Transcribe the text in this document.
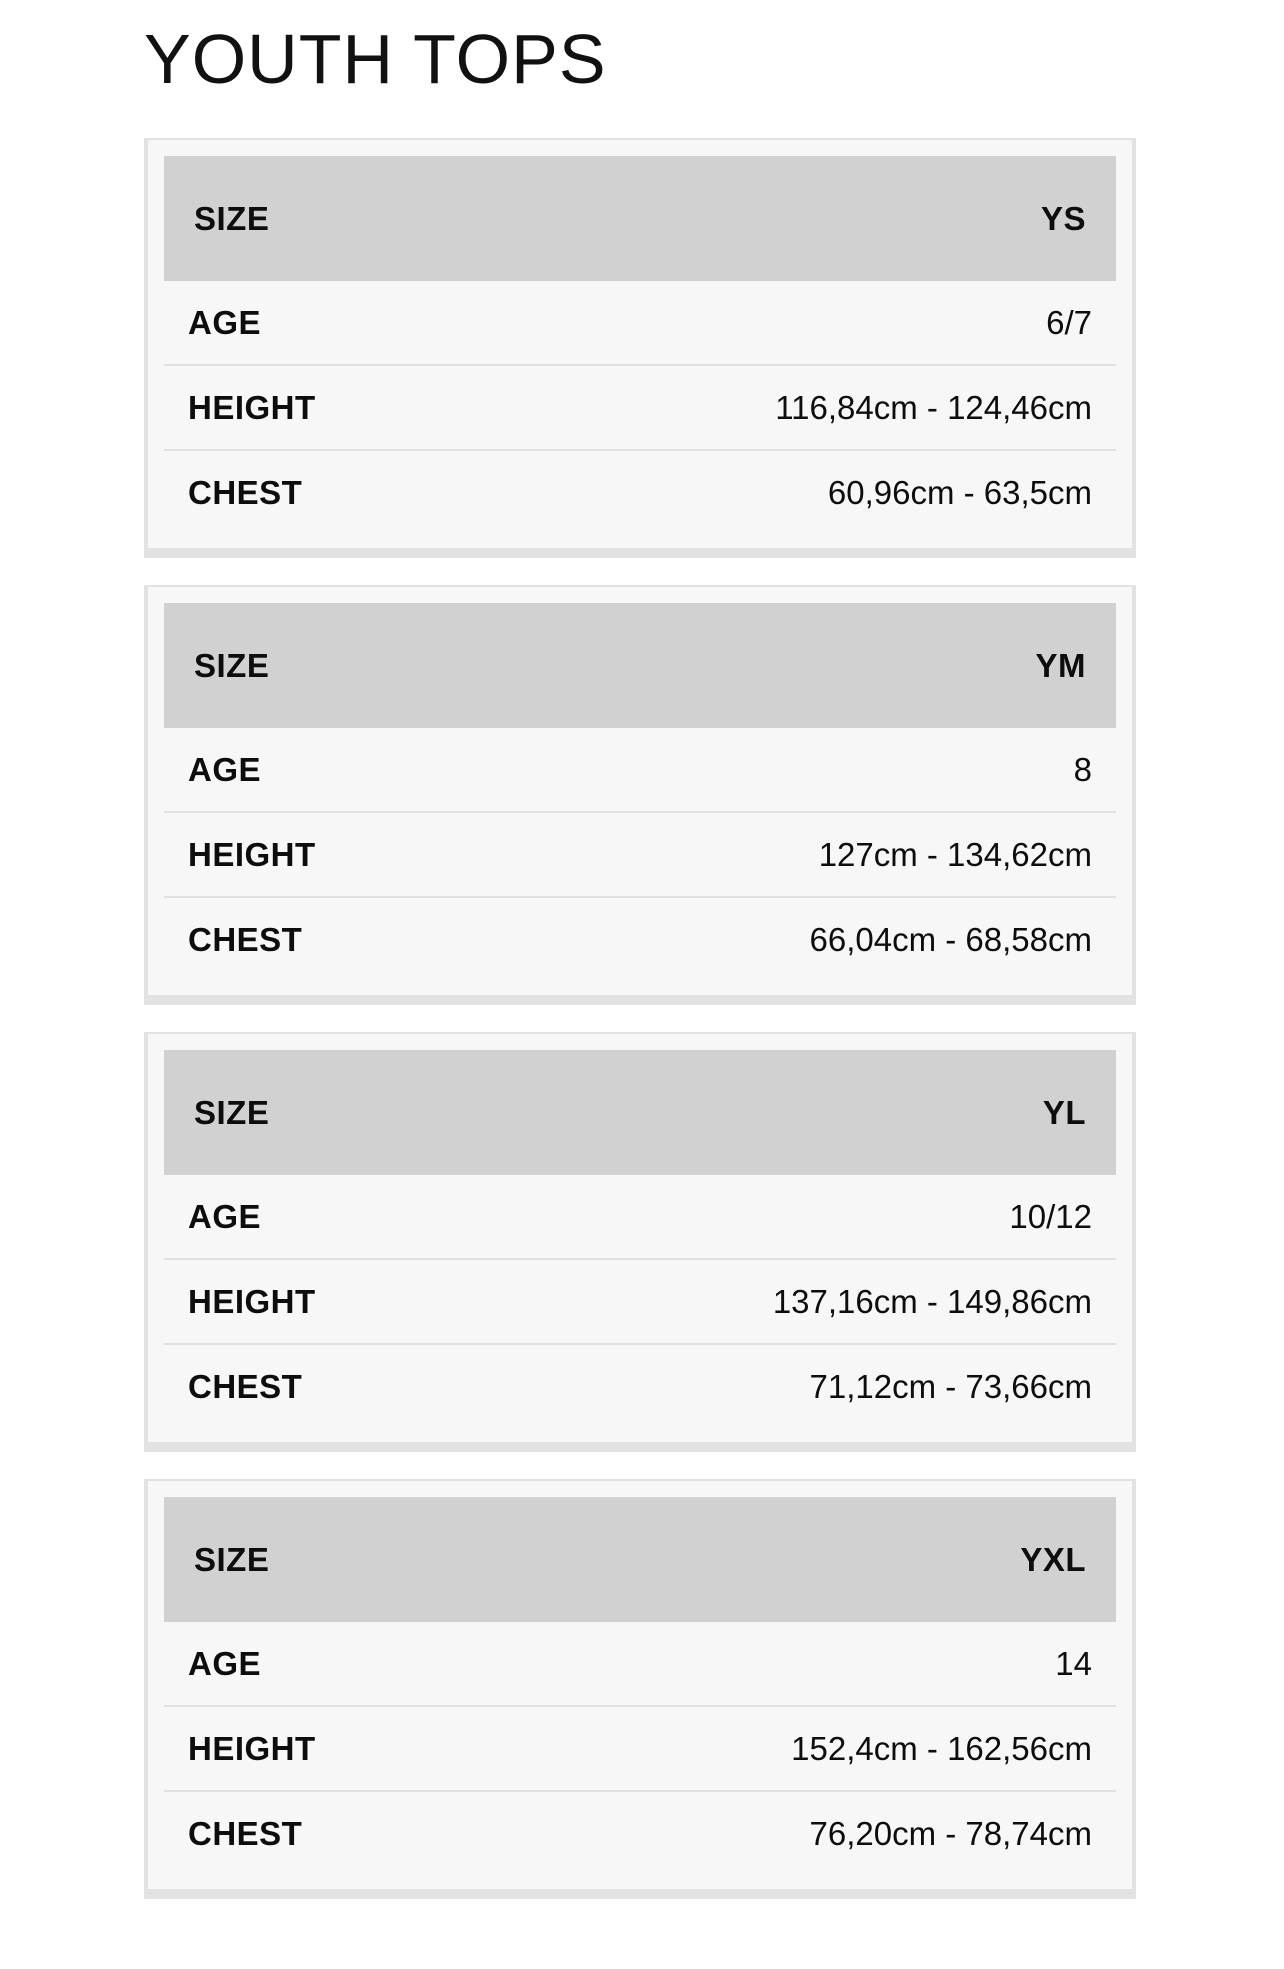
YOUTH TOPS
SIZE	YS
AGE	6/7
HEIGHT	116,84cm - 124,46cm
CHEST	60,96cm - 63,5cm
SIZE	YM
AGE	8
HEIGHT	127cm - 134,62cm
CHEST	66,04cm - 68,58cm
SIZE	YL
AGE	10/12
HEIGHT	137,16cm - 149,86cm
CHEST	71,12cm - 73,66cm
SIZE	YXL
AGE	14
HEIGHT	152,4cm - 162,56cm
CHEST	76,20cm - 78,74cm
